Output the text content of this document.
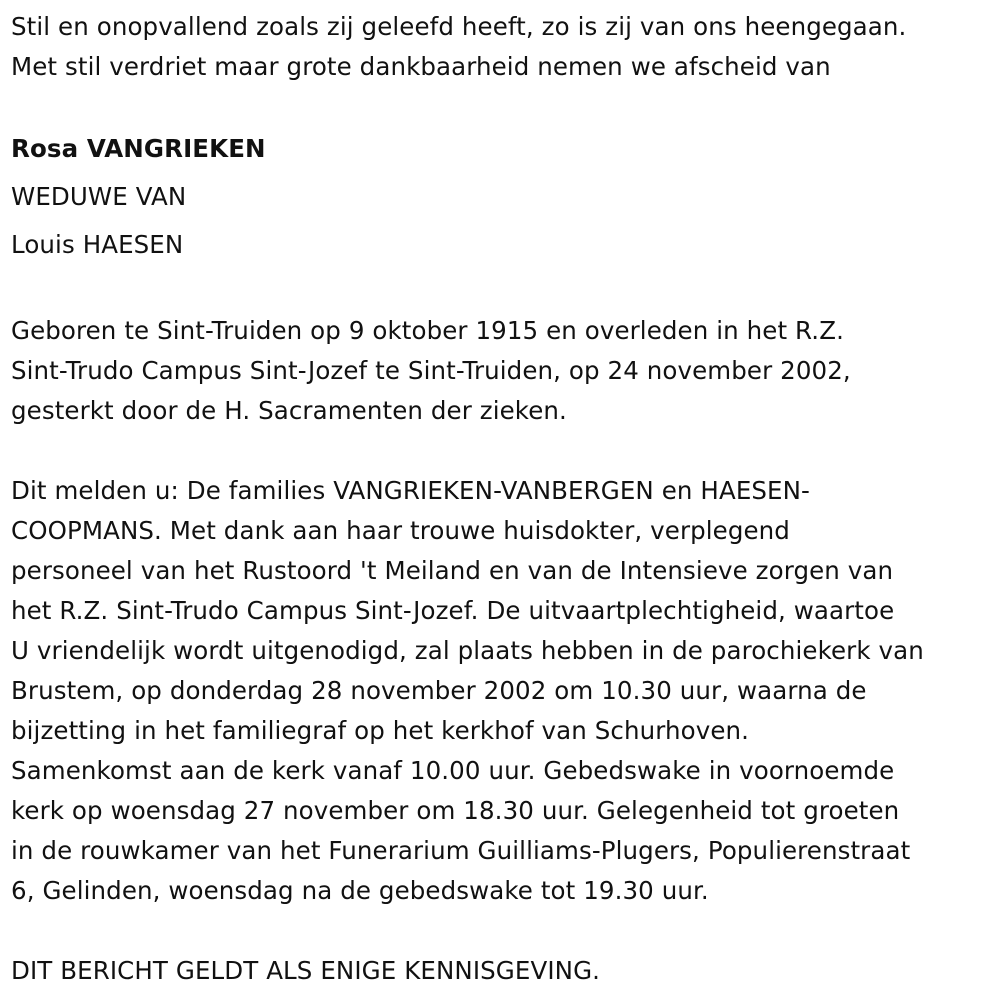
Stil en onopvallend zoals zij geleefd heeft, zo is zij van ons heengegaan.
Met stil verdriet maar grote dankbaarheid nemen we afscheid van

Rosa VANGRIEKEN

WEDUWE VAN

Louis HAESEN

Geboren te Sint-Truiden op 9 oktober 1915 en overleden in het R.Z.
Sint-Trudo Campus Sint-Jozef te Sint-Truiden, op 24 november 2002,
gesterkt door de H. Sacramenten der zieken.

Dit melden u: De families VANGRIEKEN-VANBERGEN en HAESEN-
COOPMANS. Met dank aan haar trouwe huisdokter, verplegend
personeel van het Rustoord 't Meiland en van de Intensieve zorgen van
het R.Z. Sint-Trudo Campus Sint-Jozef. De uitvaartplechtigheid, waartoe
U vriendelijk wordt uitgenodigd, zal plaats hebben in de parochiekerk van
Brustem, op donderdag 28 november 2002 om 10.30 uur, waarna de
bijzetting in het familiegraf op het kerkhof van Schurhoven.
Samenkomst aan de kerk vanaf 10.00 uur. Gebedswake in voornoemde
kerk op woensdag 27 november om 18.30 uur. Gelegenheid tot groeten
in de rouwkamer van het Funerarium Guilliams-Plugers, Populierenstraat
6, Gelinden, woensdag na de gebedswake tot 19.30 uur.

DIT BERICHT GELDT ALS ENIGE KENNISGEVING.
